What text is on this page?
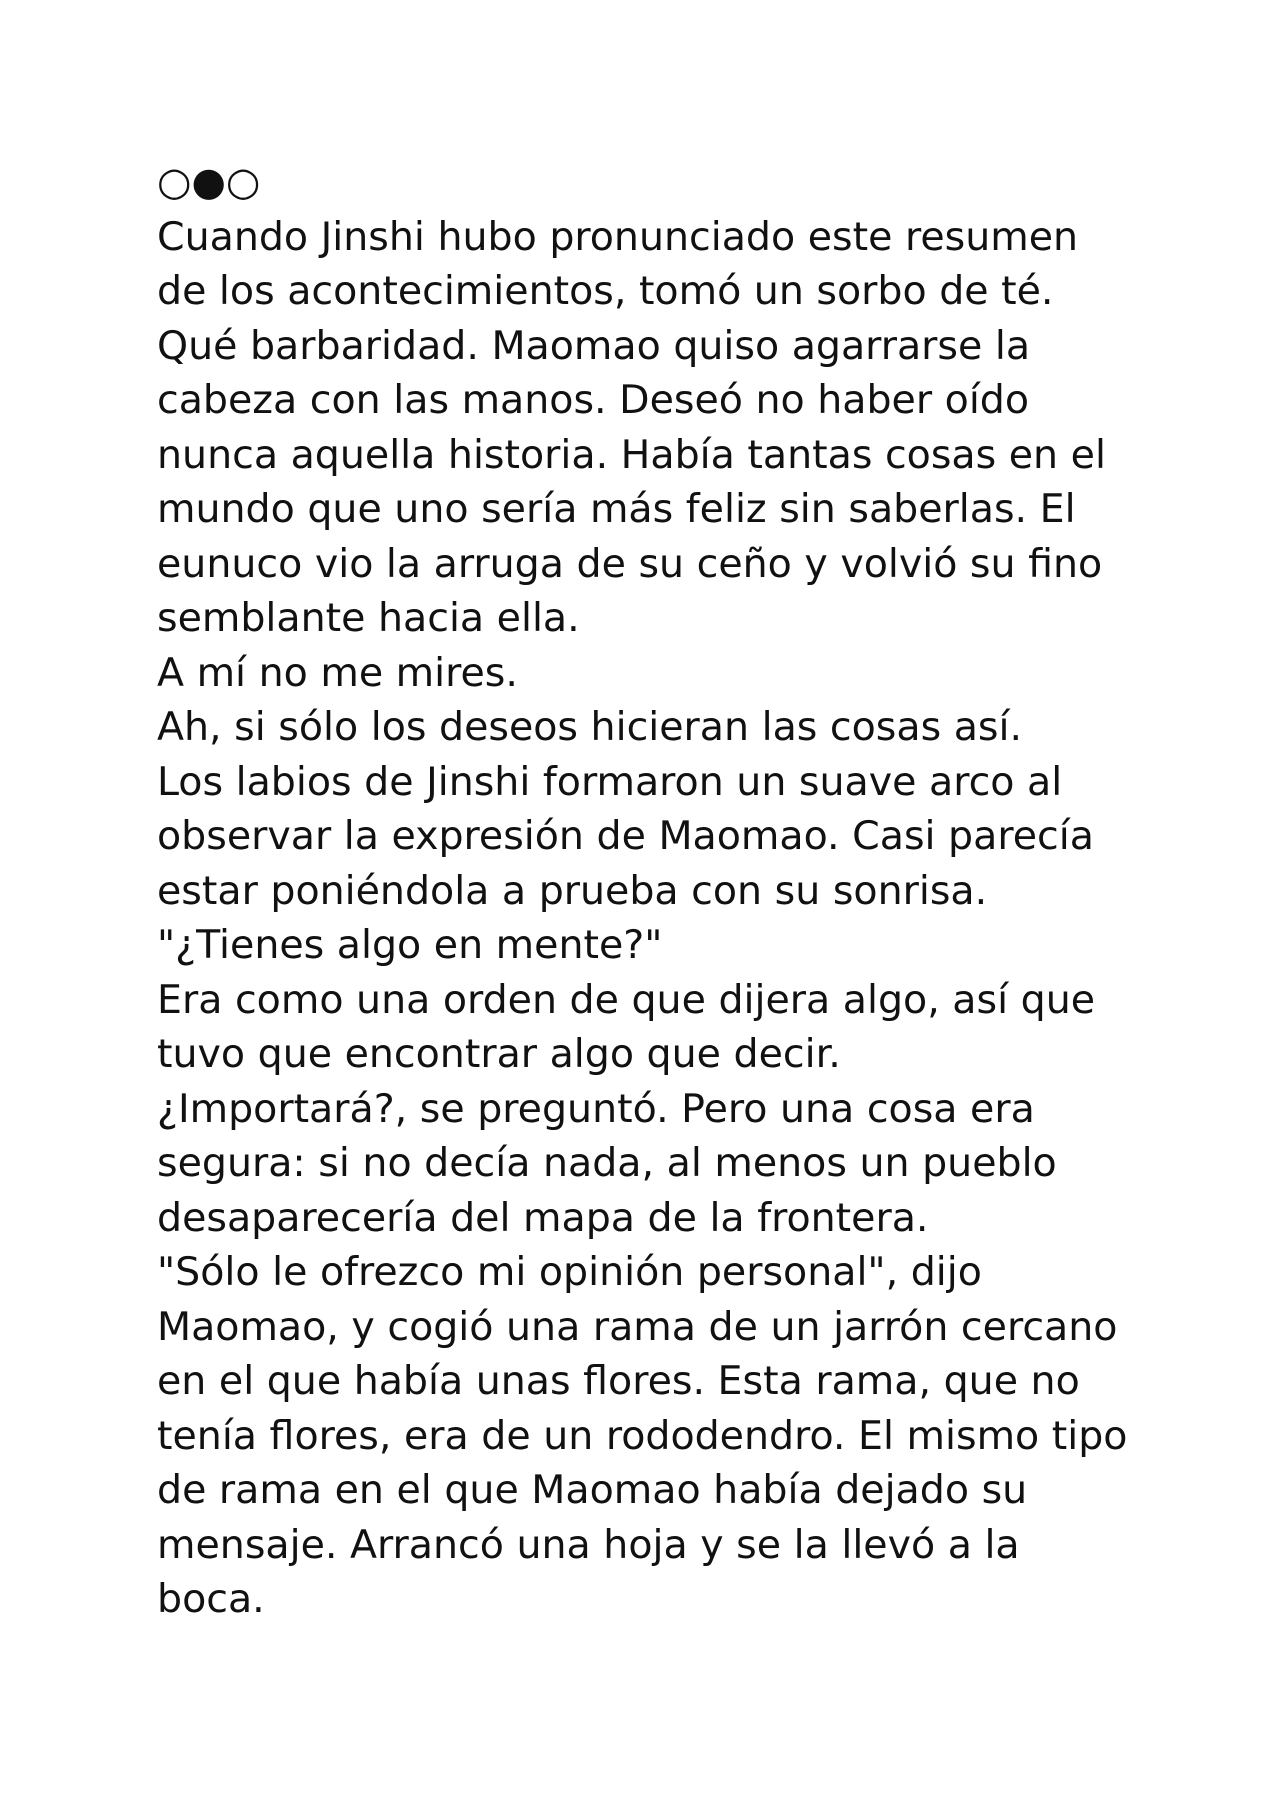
○●○
Cuando Jinshi hubo pronunciado este resumen
de los acontecimientos, tomó un sorbo de té.
Qué barbaridad. Maomao quiso agarrarse la
cabeza con las manos. Deseó no haber oído
nunca aquella historia. Había tantas cosas en el
mundo que uno sería más feliz sin saberlas. El
eunuco vio la arruga de su ceño y volvió su fino
semblante hacia ella.
A mí no me mires.
Ah, si sólo los deseos hicieran las cosas así.
Los labios de Jinshi formaron un suave arco al
observar la expresión de Maomao. Casi parecía
estar poniéndola a prueba con su sonrisa.
"¿Tienes algo en mente?"
Era como una orden de que dijera algo, así que
tuvo que encontrar algo que decir.
¿Importará?, se preguntó. Pero una cosa era
segura: si no decía nada, al menos un pueblo
desaparecería del mapa de la frontera.
"Sólo le ofrezco mi opinión personal", dijo
Maomao, y cogió una rama de un jarrón cercano
en el que había unas flores. Esta rama, que no
tenía flores, era de un rododendro. El mismo tipo
de rama en el que Maomao había dejado su
mensaje. Arrancó una hoja y se la llevó a la
boca.
